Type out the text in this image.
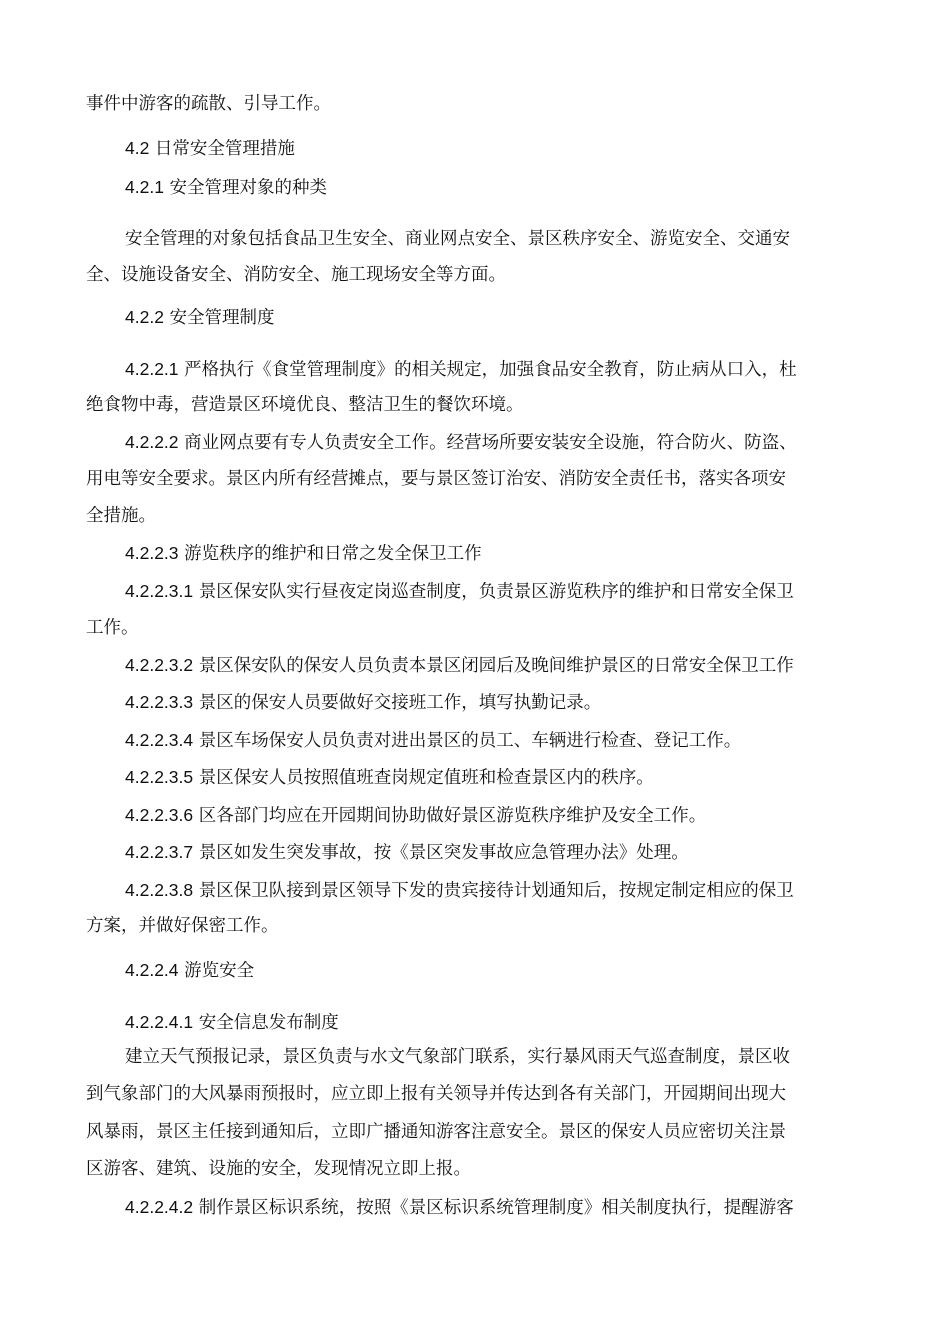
事件中游客的疏散、引导工作。
4.2 日常安全管理措施
4.2.1 安全管理对象的种类
安全管理的对象包括食品卫生安全、商业网点安全、景区秩序安全、游览安全、交通安
全、设施设备安全、消防安全、施工现场安全等方面。
4.2.2 安全管理制度
4.2.2.1 严格执行《食堂管理制度》的相关规定，加强食品安全教育，防止病从口入，杜
绝食物中毒，营造景区环境优良、整洁卫生的餐饮环境。
4.2.2.2 商业网点要有专人负责安全工作。经营场所要安装安全设施，符合防火、防盗、
用电等安全要求。景区内所有经营摊点，要与景区签订治安、消防安全责任书，落实各项安
全措施。
4.2.2.3 游览秩序的维护和日常之发全保卫工作
4.2.2.3.1 景区保安队实行昼夜定岗巡查制度，负责景区游览秩序的维护和日常安全保卫
工作。
4.2.2.3.2 景区保安队的保安人员负责本景区闭园后及晚间维护景区的日常安全保卫工作
4.2.2.3.3 景区的保安人员要做好交接班工作，填写执勤记录。
4.2.2.3.4 景区车场保安人员负责对进出景区的员工、车辆进行检查、登记工作。
4.2.2.3.5 景区保安人员按照值班查岗规定值班和检查景区内的秩序。
4.2.2.3.6 区各部门均应在开园期间协助做好景区游览秩序维护及安全工作。
4.2.2.3.7 景区如发生突发事故，按《景区突发事故应急管理办法》处理。
4.2.2.3.8 景区保卫队接到景区领导下发的贵宾接待计划通知后，按规定制定相应的保卫
方案，并做好保密工作。
4.2.2.4 游览安全
4.2.2.4.1 安全信息发布制度
建立天气预报记录，景区负责与水文气象部门联系，实行暴风雨天气巡查制度，景区收
到气象部门的大风暴雨预报时，应立即上报有关领导并传达到各有关部门，开园期间出现大
风暴雨，景区主任接到通知后，立即广播通知游客注意安全。景区的保安人员应密切关注景
区游客、建筑、设施的安全，发现情况立即上报。
4.2.2.4.2 制作景区标识系统，按照《景区标识系统管理制度》相关制度执行，提醒游客
